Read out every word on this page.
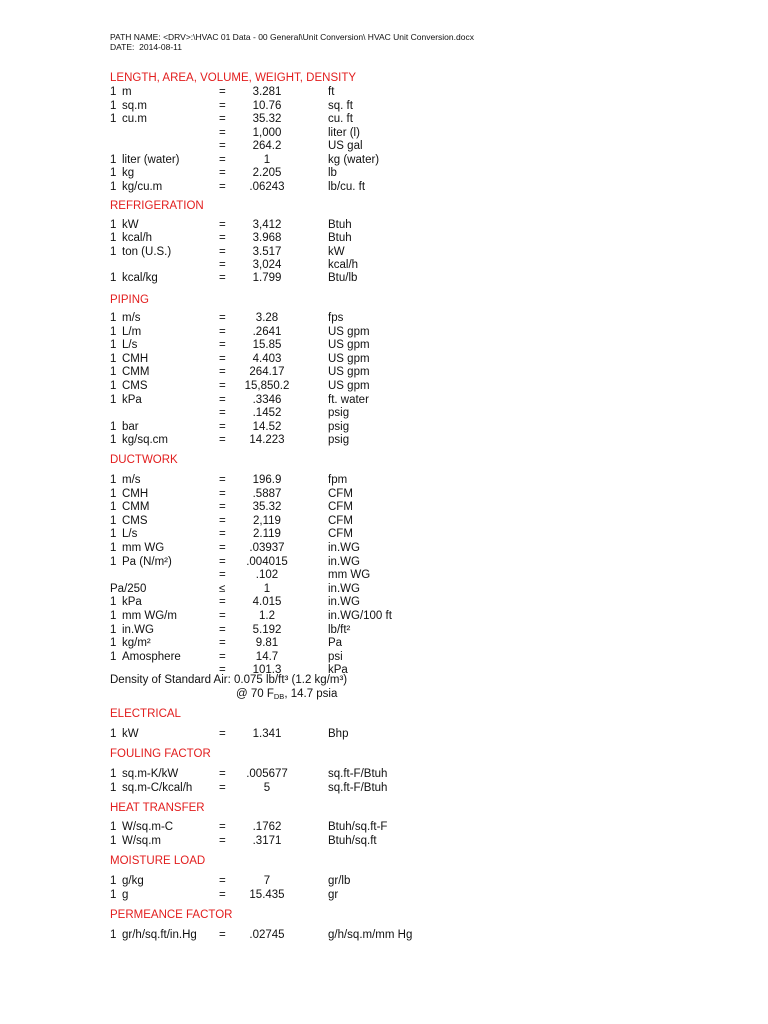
PATH NAME: <DRV>:\HVAC 01 Data - 00 General\Unit Conversion\ HVAC Unit Conversion.docx
DATE: 2014-08-11
LENGTH, AREA, VOLUME, WEIGHT, DENSITY
1 m	=	3.281	ft
1 sq.m	=	10.76	sq. ft
1 cu.m	=	35.32	cu. ft
=	1,000	liter (l)
=	264.2	US gal
1 liter (water)	=	1	kg (water)
1 kg	=	2.205	lb
1 kg/cu.m	=	.06243	lb/cu. ft
REFRIGERATION
1 kW	=	3,412	Btuh
1 kcal/h	=	3.968	Btuh
1 ton (U.S.)	=	3.517	kW
=	3,024	kcal/h
1 kcal/kg	=	1.799	Btu/lb
PIPING
1 m/s	=	3.28	fps
1 L/m	=	.2641	US gpm
1 L/s	=	15.85	US gpm
1 CMH	=	4.403	US gpm
1 CMM	=	264.17	US gpm
1 CMS	=	15,850.2	US gpm
1 kPa	=	.3346	ft. water
=	.1452	psig
1 bar	=	14.52	psig
1 kg/sq.cm	=	14.223	psig
DUCTWORK
1 m/s	=	196.9	fpm
1 CMH	=	.5887	CFM
1 CMM	=	35.32	CFM
1 CMS	=	2,119	CFM
1 L/s	=	2.119	CFM
1 mm WG	=	.03937	in.WG
1 Pa (N/m²)	=	.004015	in.WG
=	.102	mm WG
Pa/250	≤	1	in.WG
1 kPa	=	4.015	in.WG
1 mm WG/m	=	1.2	in.WG/100 ft
1 in.WG	=	5.192	lb/ft²
1 kg/m²	=	9.81	Pa
1 Amosphere	=	14.7	psi
=	101.3	kPa
ELECTRICAL
1 kW	=	1.341	Bhp
FOULING FACTOR
1 sq.m-K/kW	=	.005677	sq.ft-F/Btuh
1 sq.m-C/kcal/h =	5	sq.ft-F/Btuh
HEAT TRANSFER
1 W/sq.m-C	=	.1762	Btuh/sq.ft-F
1 W/sq.m	=	.3171	Btuh/sq.ft
MOISTURE LOAD
1 g/kg	=	7	gr/lb
1 g	=	15.435	gr
PERMEANCE FACTOR
1 gr/h/sq.ft/in.Hg =	.02745	g/h/sq.m/mm Hg
Density of Standard Air: 0.075 lb/ft³ (1.2 kg/m³)
@ 70 $F_{DB}$, 14.7 psia
